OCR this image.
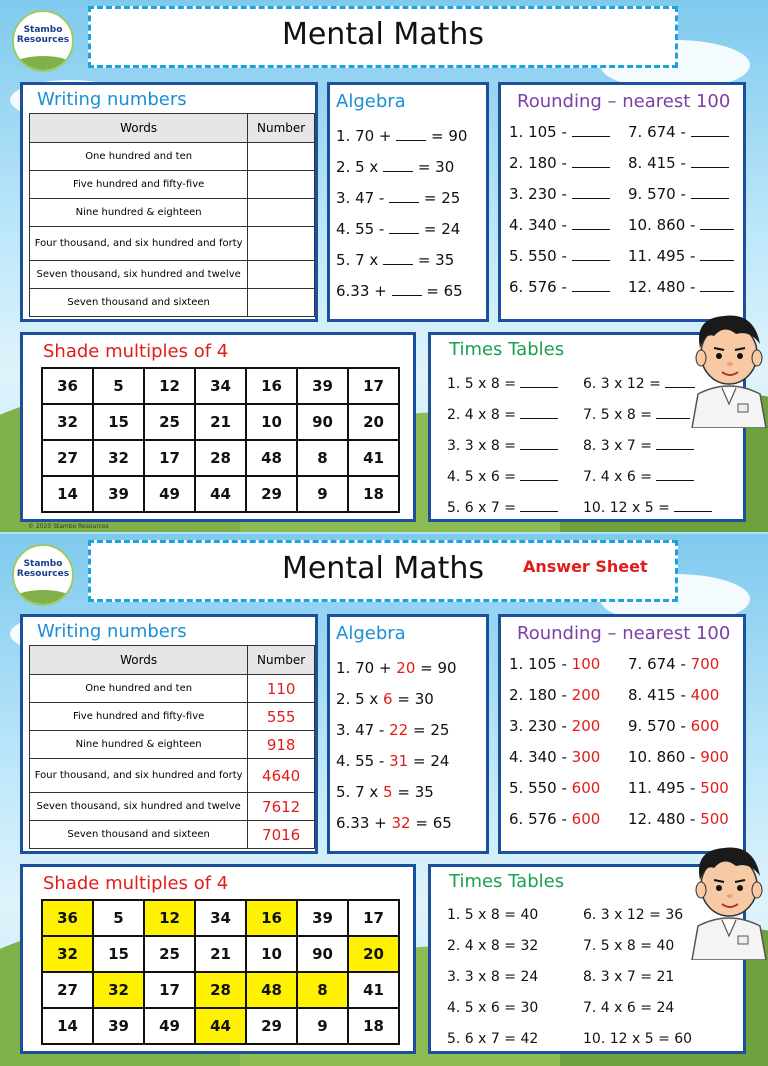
Stambo
Resources	Mental Maths
Writing numbers
Words	Number
One hundred and ten	
Five hundred and fifty-five	
Nine hundred & eighteen	
Four thousand, and six hundred and forty	
Seven thousand, six hundred and twelve	
Seven thousand and sixteen	
Algebra
1. 70 +  = 90
2. 5 x  = 30
3. 47 -  = 25
4. 55 -  = 24
5. 7 x  = 35
6.33 +  = 65
Rounding – nearest 100
1. 105 -
2. 180 -
3. 230 -
4. 340 -
5. 550 -
6. 576 -
7. 674 -
8. 415 -
9. 570 -
10. 860 -
11. 495 -
12. 480 -
Shade multiples of 4
36	5	12	34	16	39	17
32	15	25	21	10	90	20
27	32	17	28	48	8	41
14	39	49	44	29	9	18
Times Tables
1. 5 x 8 =
2. 4 x 8 =
3. 3 x 8 =
4. 5 x 6 =
5. 6 x 7 =
6. 3 x 12 =
7. 5 x 8 =
8. 3 x 7 =
7. 4 x 6 =
10. 12 x 5 =
© 2020 Stambo Resources
Stambo
Resources	Mental Maths	Answer Sheet
Writing numbers
Words	Number
One hundred and ten	110
Five hundred and fifty-five	555
Nine hundred & eighteen	918
Four thousand, and six hundred and forty	4640
Seven thousand, six hundred and twelve	7612
Seven thousand and sixteen	7016
Algebra
1. 70 + 20 = 90
2. 5 x 6 = 30
3. 47 - 22 = 25
4. 55 - 31 = 24
5. 7 x 5 = 35
6.33 + 32 = 65
Rounding – nearest 100
1. 105 - 100
2. 180 - 200
3. 230 - 200
4. 340 - 300
5. 550 - 600
6. 576 - 600
7. 674 - 700
8. 415 - 400
9. 570 - 600
10. 860 - 900
11. 495 - 500
12. 480 - 500
Shade multiples of 4
36	5	12	34	16	39	17
32	15	25	21	10	90	20
27	32	17	28	48	8	41
14	39	49	44	29	9	18
Times Tables
1. 5 x 8 = 40
2. 4 x 8 = 32
3. 3 x 8 = 24
4. 5 x 6 = 30
5. 6 x 7 = 42
6. 3 x 12 = 36
7. 5 x 8 = 40
8. 3 x 7 = 21
7. 4 x 6 = 24
10. 12 x 5 = 60
